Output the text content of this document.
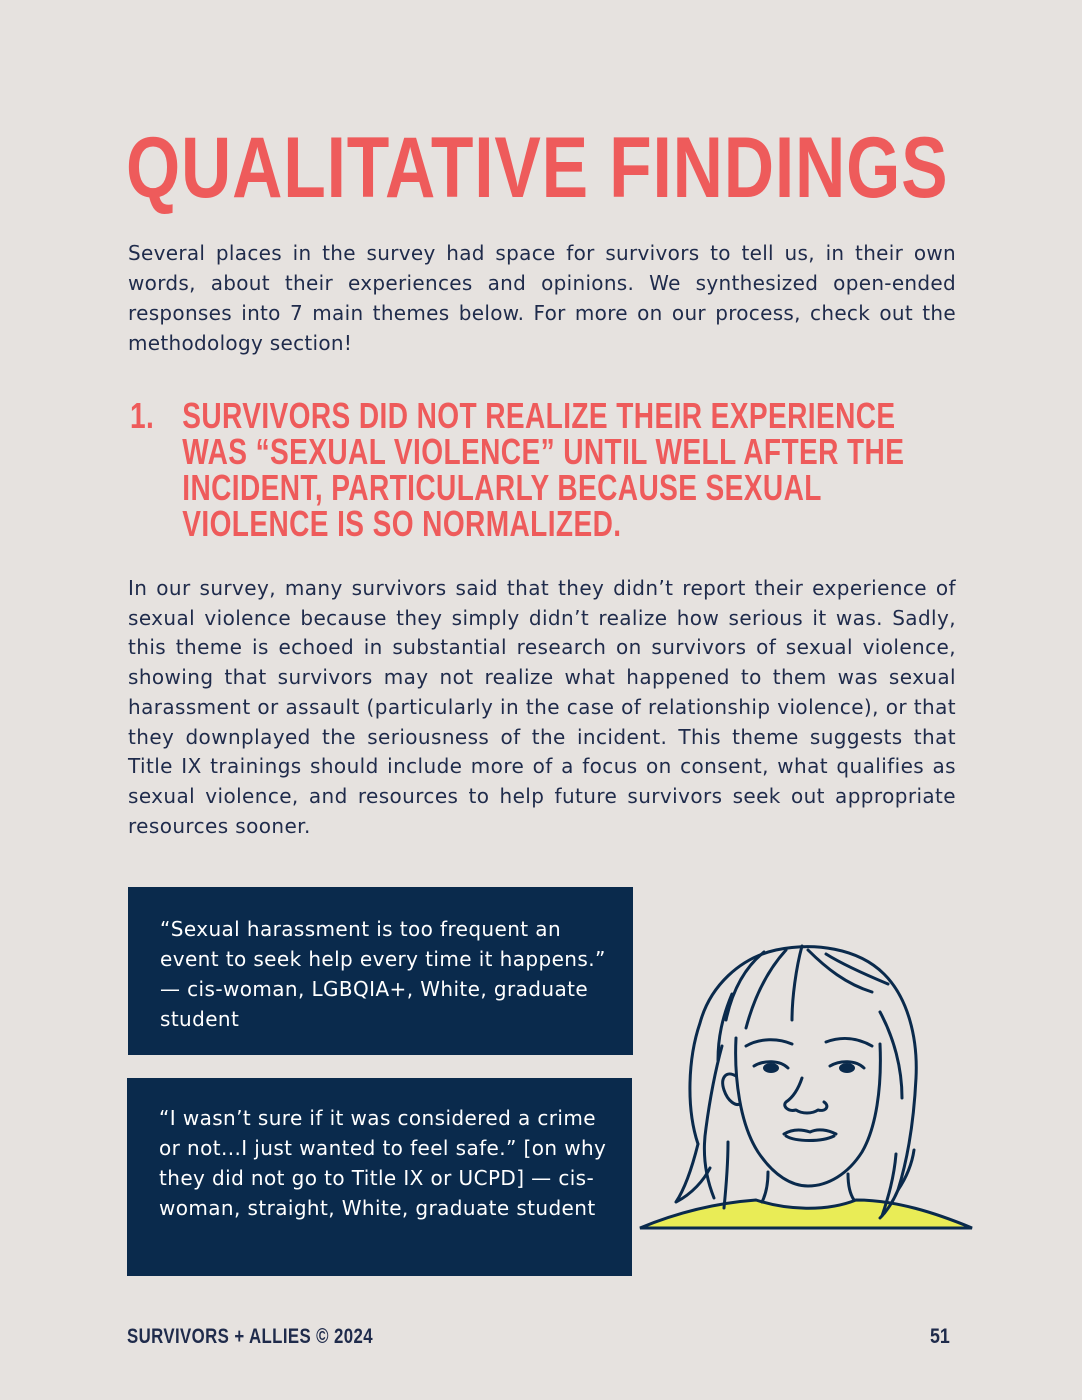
QUALITATIVE FINDINGS

Several places in the survey had space for survivors to tell us, in their own words, about their experiences and opinions. We synthesized open-ended responses into 7 main themes below. For more on our process, check out the methodology section!

1. SURVIVORS DID NOT REALIZE THEIR EXPERIENCE WAS “SEXUAL VIOLENCE” UNTIL WELL AFTER THE INCIDENT, PARTICULARLY BECAUSE SEXUAL VIOLENCE IS SO NORMALIZED.

In our survey, many survivors said that they didn’t report their experience of sexual violence because they simply didn’t realize how serious it was. Sadly, this theme is echoed in substantial research on survivors of sexual violence, showing that survivors may not realize what happened to them was sexual harassment or assault (particularly in the case of relationship violence), or that they downplayed the seriousness of the incident. This theme suggests that Title IX trainings should include more of a focus on consent, what qualifies as sexual violence, and resources to help future survivors seek out appropriate resources sooner.

“Sexual harassment is too frequent an event to seek help every time it happens.” — cis-woman, LGBQIA+, White, graduate student

“I wasn’t sure if it was considered a crime or not...I just wanted to feel safe.” [on why they did not go to Title IX or UCPD] — cis-woman, straight, White, graduate student

SURVIVORS + ALLIES © 2024	51
